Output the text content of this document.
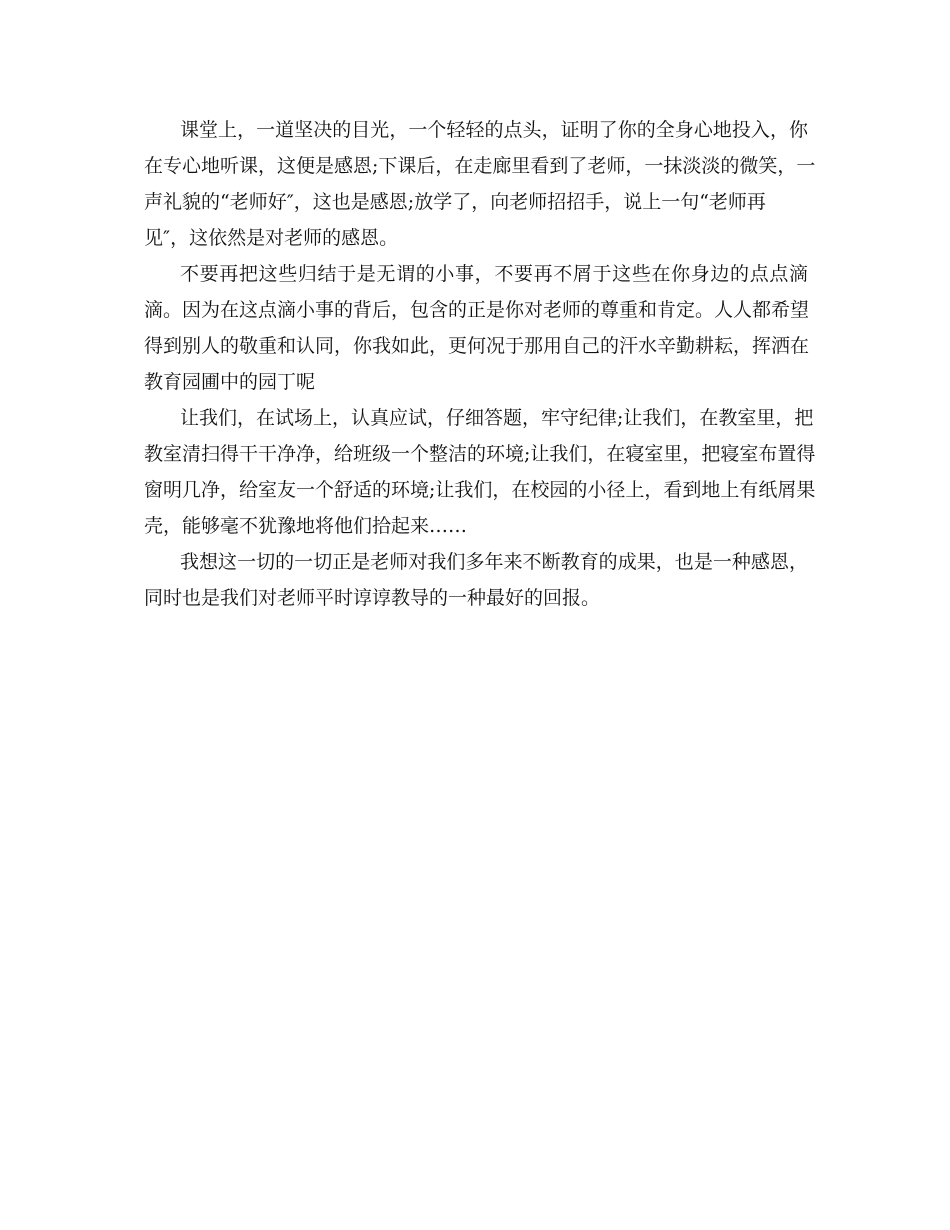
课堂上，一道坚决的目光，一个轻轻的点头，证明了你的全身心地投入，你
在专心地听课，这便是感恩;下课后，在走廊里看到了老师，一抹淡淡的微笑，一
声礼貌的“老师好″，这也是感恩;放学了，向老师招招手，说上一句“老师再
见″，这依然是对老师的感恩。
不要再把这些归结于是无谓的小事，不要再不屑于这些在你身边的点点滴
滴。因为在这点滴小事的背后，包含的正是你对老师的尊重和肯定。人人都希望
得到别人的敬重和认同，你我如此，更何况于那用自己的汗水辛勤耕耘，挥洒在
教育园圃中的园丁呢
让我们，在试场上，认真应试，仔细答题，牢守纪律;让我们，在教室里，把
教室清扫得干干净净，给班级一个整洁的环境;让我们，在寝室里，把寝室布置得
窗明几净，给室友一个舒适的环境;让我们，在校园的小径上，看到地上有纸屑果
壳，能够毫不犹豫地将他们拾起来……
我想这一切的一切正是老师对我们多年来不断教育的成果，也是一种感恩，
同时也是我们对老师平时谆谆教导的一种最好的回报。
